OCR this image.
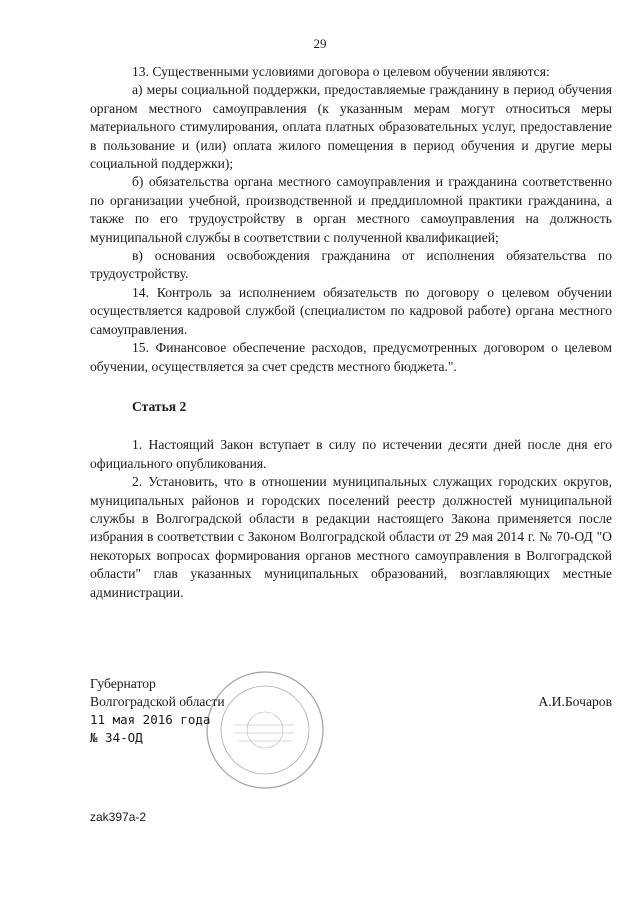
29

13. Существенными условиями договора о целевом обучении являются:

а) меры социальной поддержки, предоставляемые гражданину в период обучения органом местного самоуправления (к указанным мерам могут относиться меры материального стимулирования, оплата платных образовательных услуг, предоставление в пользование и (или) оплата жилого помещения в период обучения и другие меры социальной поддержки);

б) обязательства органа местного самоуправления и гражданина соответственно по организации учебной, производственной и преддипломной практики гражданина, а также по его трудоустройству в орган местного самоуправления на должность муниципальной службы в соответствии с полученной квалификацией;

в) основания освобождения гражданина от исполнения обязательства по трудоустройству.

14. Контроль за исполнением обязательств по договору о целевом обучении осуществляется кадровой службой (специалистом по кадровой работе) органа местного самоуправления.

15. Финансовое обеспечение расходов, предусмотренных договором о целевом обучении, осуществляется за счет средств местного бюджета.".

Статья 2

1. Настоящий Закон вступает в силу по истечении десяти дней после дня его официального опубликования.

2. Установить, что в отношении муниципальных служащих городских округов, муниципальных районов и городских поселений реестр должностей муниципальной службы в Волгоградской области в редакции настоящего Закона применяется после избрания в соответствии с Законом Волгоградской области от 29 мая 2014 г. № 70-ОД "О некоторых вопросах формирования органов местного самоуправления в Волгоградской области" глав указанных муниципальных образований, возглавляющих местные администрации.

Губернатор
Волгоградской области
11 мая 2016 года
№ 34-ОД
А.И.Бочаров
zak397a-2
